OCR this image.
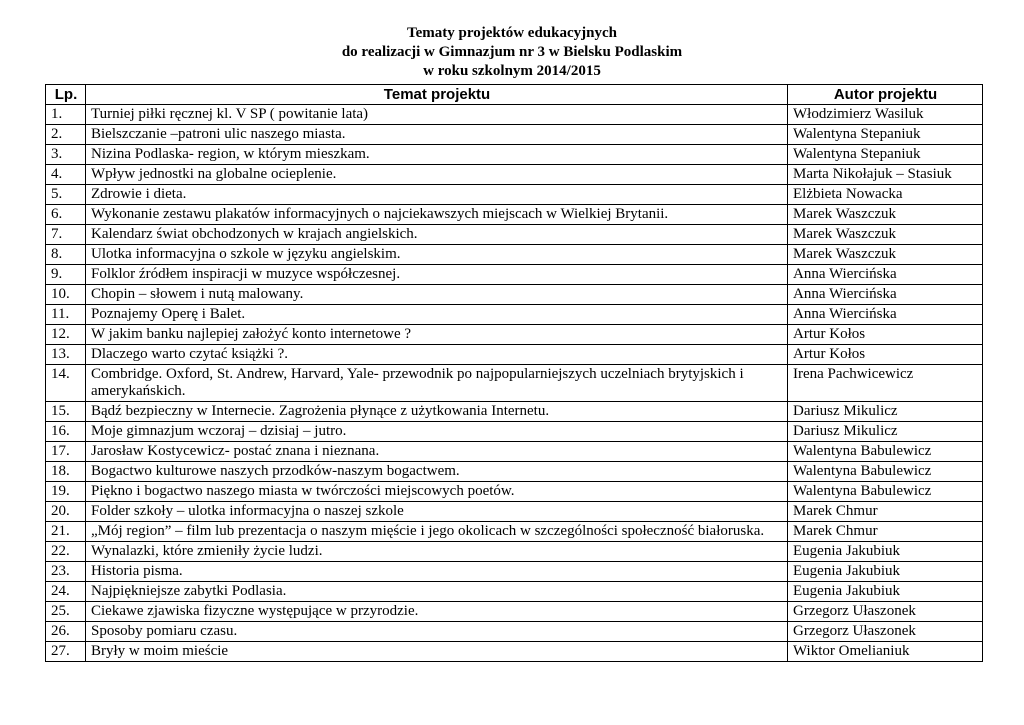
Tematy projektów edukacyjnych
do realizacji w Gimnazjum nr 3 w Bielsku Podlaskim
w roku szkolnym 2014/2015
Lp.	Temat projektu	Autor projektu
1.	Turniej piłki ręcznej kl. V SP ( powitanie lata)	Włodzimierz Wasiluk
2.	Bielszczanie –patroni ulic naszego miasta.	Walentyna Stepaniuk
3.	Nizina Podlaska- region, w którym mieszkam.	Walentyna Stepaniuk
4.	Wpływ jednostki na globalne ocieplenie.	Marta Nikołajuk – Stasiuk
5.	Zdrowie i dieta.	Elżbieta Nowacka
6.	Wykonanie zestawu plakatów informacyjnych o najciekawszych miejscach w Wielkiej Brytanii.	Marek Waszczuk
7.	Kalendarz świat obchodzonych w krajach angielskich.	Marek Waszczuk
8.	Ulotka informacyjna o szkole w języku angielskim.	Marek Waszczuk
9.	Folklor źródłem inspiracji w muzyce współczesnej.	Anna Wiercińska
10.	Chopin – słowem i nutą malowany.	Anna Wiercińska
11.	Poznajemy Operę i Balet.	Anna Wiercińska
12.	W jakim banku najlepiej założyć konto internetowe ?	Artur Kołos
13.	Dlaczego warto czytać książki ?.	Artur Kołos
14.	Combridge. Oxford, St. Andrew, Harvard, Yale- przewodnik po najpopularniejszych uczelniach brytyjskich i amerykańskich.	Irena Pachwicewicz
15.	Bądź bezpieczny w Internecie. Zagrożenia płynące z użytkowania Internetu.	Dariusz Mikulicz
16.	Moje gimnazjum wczoraj – dzisiaj – jutro.	Dariusz Mikulicz
17.	Jarosław Kostycewicz- postać znana i nieznana.	Walentyna Babulewicz
18.	Bogactwo kulturowe naszych przodków-naszym bogactwem.	Walentyna Babulewicz
19.	Piękno i bogactwo naszego miasta w twórczości miejscowych poetów.	Walentyna Babulewicz
20.	Folder szkoły – ulotka informacyjna o naszej szkole	Marek Chmur
21.	„Mój region” – film lub prezentacja o naszym mięście i jego okolicach w szczególności społeczność białoruska.	Marek Chmur
22.	Wynalazki, które zmieniły życie ludzi.	Eugenia Jakubiuk
23.	Historia pisma.	Eugenia Jakubiuk
24.	Najpiękniejsze zabytki Podlasia.	Eugenia Jakubiuk
25.	Ciekawe zjawiska fizyczne występujące w przyrodzie.	Grzegorz Ułaszonek
26.	Sposoby pomiaru czasu.	Grzegorz Ułaszonek
27.	Bryły w moim mieście	Wiktor Omelianiuk
